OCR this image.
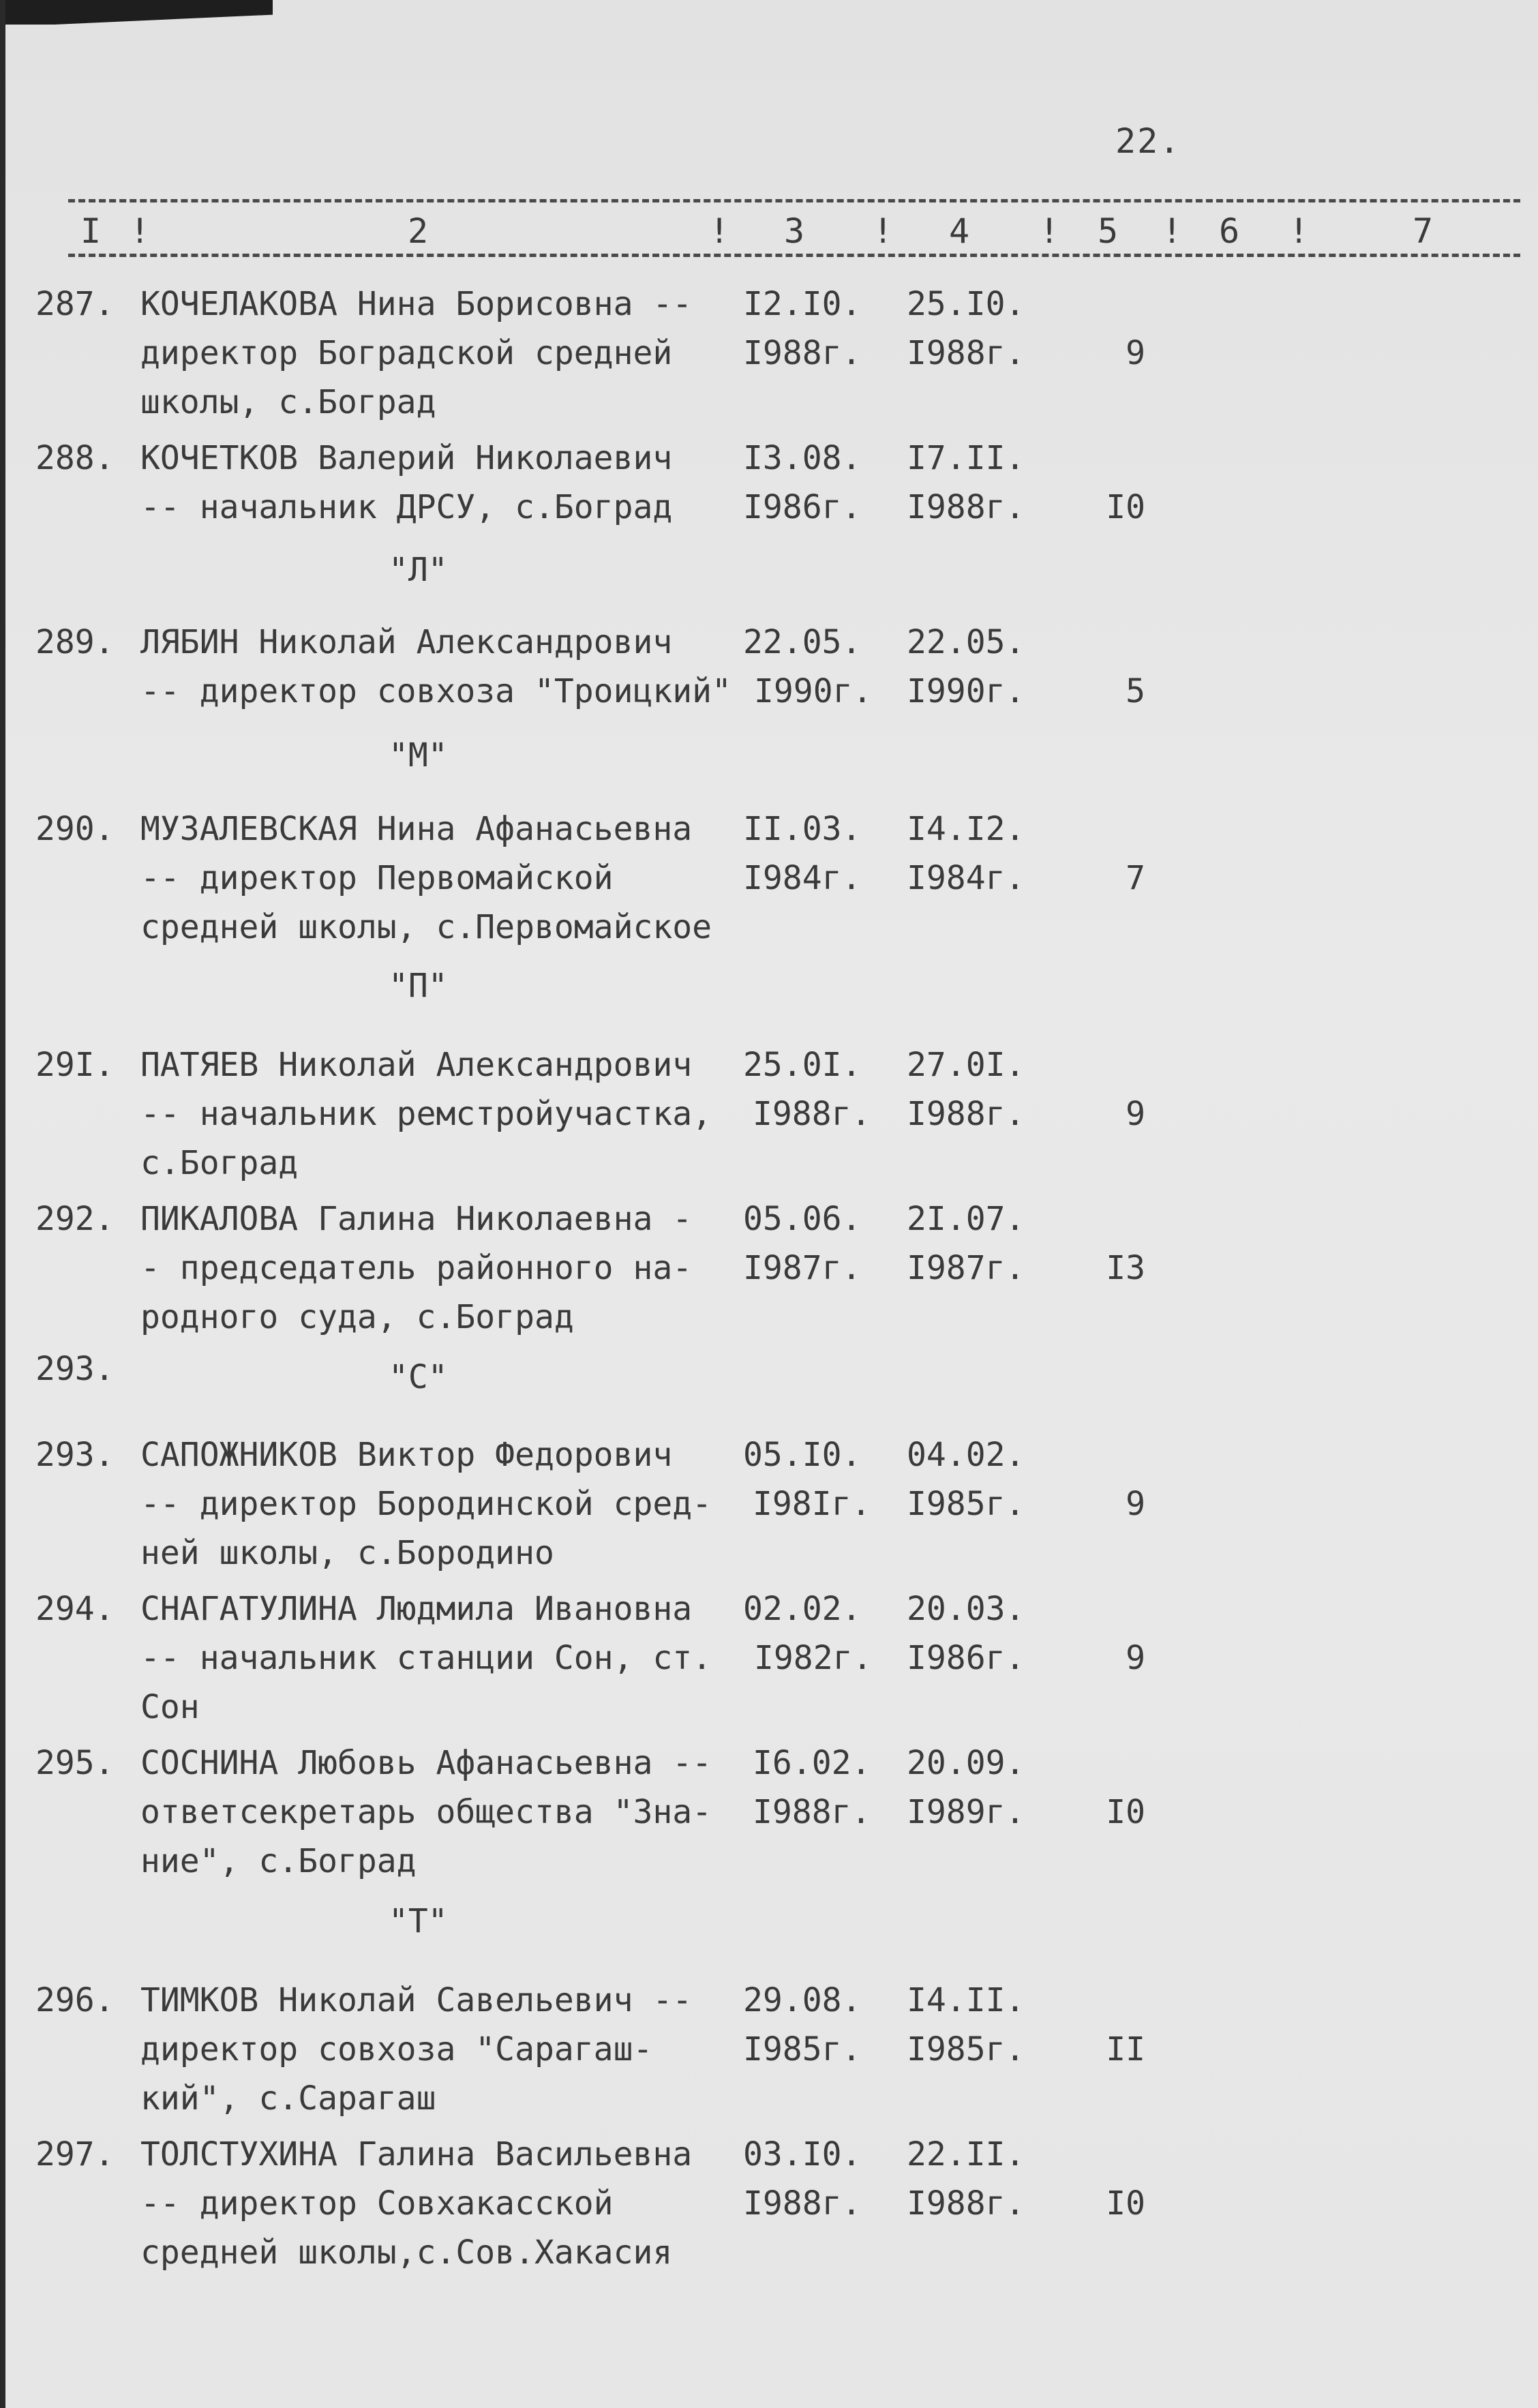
22.
I !	2	! 3 ! 4 ! 5 ! 6 !	7
287. КОЧЕЛАКОВА Нина Борисовна -- I2.I0. 25.I0.
директор Боградской средней I988г. I988г.	9
школы, с.Боград
288. КОЧЕТКОВ Валерий Николаевич I3.08. I7.II.
-- начальник ДРСУ, с.Боград I986г. I988г.	I0
"Л"
289. ЛЯБИН Николай Александрович 22.05. 22.05.
-- директор совхоза "Троицкий" I990г. I990г.	5
"М"
290. МУЗАЛЕВСКАЯ Нина Афанасьевна II.03. I4.I2.
-- директор Первомайской	I984г. I984г.	7
средней школы, с.Первомайское
"П"
29I. ПАТЯЕВ Николай Александрович 25.0I. 27.0I.
-- начальник ремстройучастка, I988г. I988г.	9
с.Боград
292. ПИКАЛОВА Галина Николаевна - 05.06. 2I.07.
- председатель районного на- I987г. I987г.	I3
родного суда, с.Боград
293.	"С"
293. САПОЖНИКОВ Виктор Федорович 05.I0. 04.02.
-- директор Бородинской сред- I98Iг. I985г.	9
ней школы, с.Бородино
294. СНАГАТУЛИНА Людмила Ивановна 02.02. 20.03.
-- начальник станции Сон, ст. I982г. I986г.	9
Сон
295. СОСНИНА Любовь Афанасьевна -- I6.02. 20.09.
ответсекретарь общества "Зна- I988г. I989г.	I0
ние", с.Боград
"Т"
296. ТИМКОВ Николай Савельевич -- 29.08. I4.II.
директор совхоза "Сарагаш-	I985г. I985г.	II
кий", с.Сарагаш
297. ТОЛСТУХИНА Галина Васильевна 03.I0. 22.II.
-- директор Совхакасской	I988г. I988г.	I0
средней школы,с.Сов.Хакасия
